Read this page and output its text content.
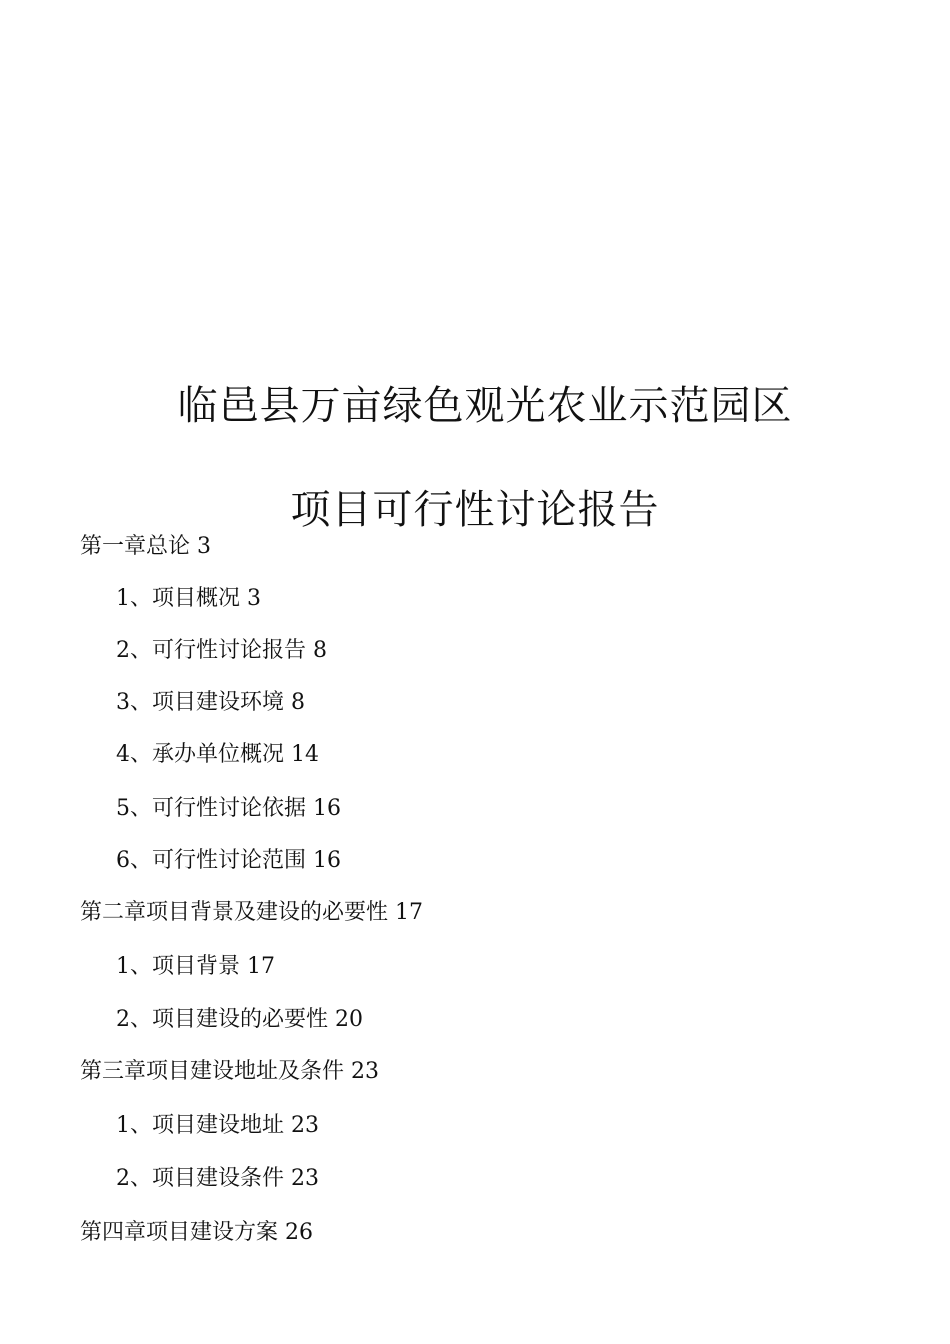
临邑县万亩绿色观光农业示范园区
项目可行性讨论报告
第一章总论 3
1、项目概况 3
2、可行性讨论报告 8
3、项目建设环境 8
4、承办单位概况 14
5、可行性讨论依据 16
6、可行性讨论范围 16
第二章项目背景及建设的必要性 17
1、项目背景 17
2、项目建设的必要性 20
第三章项目建设地址及条件 23
1、项目建设地址 23
2、项目建设条件 23
第四章项目建设方案 26
